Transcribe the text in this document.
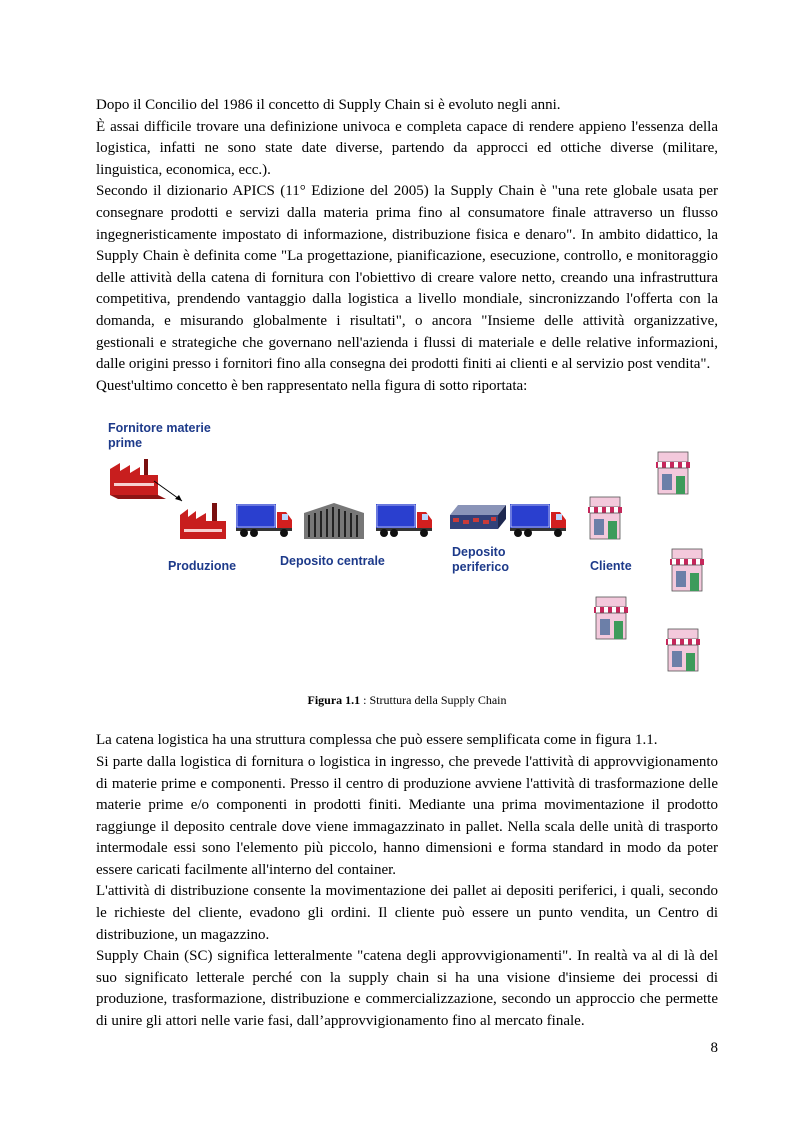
Dopo il Concilio del 1986 il concetto di Supply Chain si è evoluto negli anni.

È assai difficile trovare una definizione univoca e completa capace di rendere appieno l'essenza della logistica, infatti ne sono state date diverse, partendo da approcci ed ottiche diverse (militare, linguistica, economica, ecc.).

Secondo il dizionario APICS (11° Edizione del 2005) la Supply Chain è "una rete globale usata per consegnare prodotti e servizi dalla materia prima fino al consumatore finale attraverso un flusso ingegneristicamente impostato di informazione, distribuzione fisica e denaro". In ambito didattico, la Supply Chain è definita come "La progettazione, pianificazione, esecuzione, controllo, e monitoraggio delle attività della catena di fornitura con l'obiettivo di creare valore netto, creando una infrastruttura competitiva, prendendo vantaggio dalla logistica a livello mondiale, sincronizzando l'offerta con la domanda, e misurando globalmente i risultati", o ancora "Insieme delle attività organizzative, gestionali e strategiche che governano nell'azienda i flussi di materiale e delle relative informazioni, dalle origini presso i fornitori fino alla consegna dei prodotti finiti ai clienti e al servizio post vendita".

Quest'ultimo concetto è ben rappresentato nella figura di sotto riportata:

Fornitore materie
prime
Produzione	Deposito centrale
Deposito
periferico	Cliente
Figura 1.1 : Struttura della Supply Chain

La catena logistica ha una struttura complessa che può essere semplificata come in figura 1.1.

Si parte dalla logistica di fornitura o logistica in ingresso, che prevede l'attività di approvvigionamento di materie prime e componenti. Presso il centro di produzione avviene l'attività di trasformazione delle materie prime e/o componenti in prodotti finiti. Mediante una prima movimentazione il prodotto raggiunge il deposito centrale dove viene immagazzinato in pallet. Nella scala delle unità di trasporto intermodale essi sono l'elemento più piccolo, hanno dimensioni e forma standard in modo da poter essere caricati facilmente all'interno del container.

L'attività di distribuzione consente la movimentazione dei pallet ai depositi periferici, i quali, secondo le richieste del cliente, evadono gli ordini. Il cliente può essere un punto vendita, un Centro di distribuzione, un magazzino.

Supply Chain (SC) significa letteralmente "catena degli approvvigionamenti". In realtà va al di là del suo significato letterale perché con la supply chain si ha una visione d'insieme dei processi di produzione, trasformazione, distribuzione e commercializzazione, secondo un approccio che permette di unire gli attori nelle varie fasi, dall’approvvigionamento fino al mercato finale.

8
